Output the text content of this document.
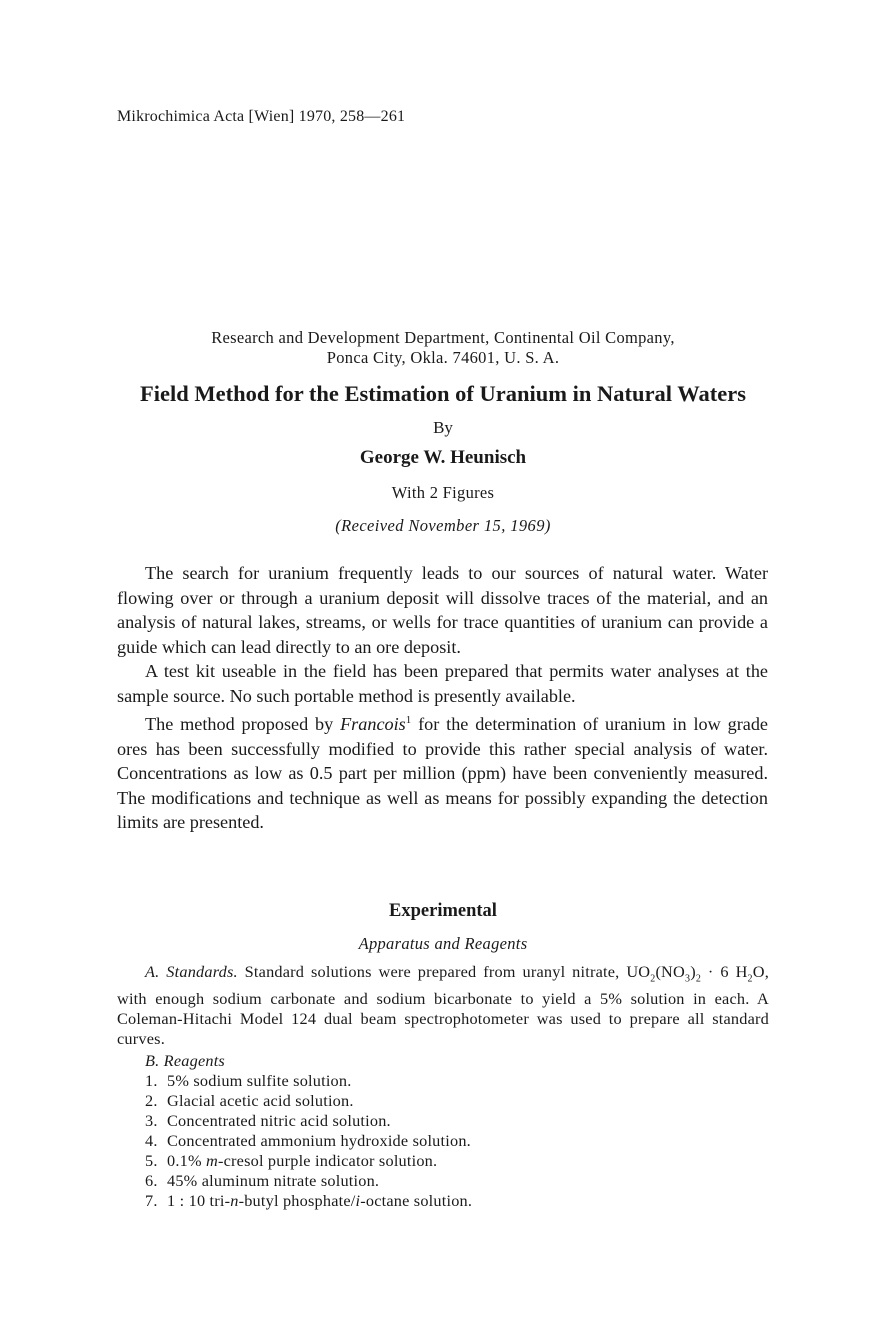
Mikrochimica Acta [Wien] 1970, 258—261
Research and Development Department, Continental Oil Company,
Ponca City, Okla. 74601, U. S. A.
Field Method for the Estimation of Uranium in Natural Waters
By
George W. Heunisch
With 2 Figures
(Received November 15, 1969)

The search for uranium frequently leads to our sources of natural water. Water flowing over or through a uranium deposit will dissolve traces of the material, and an analysis of natural lakes, streams, or wells for trace quantities of uranium can provide a guide which can lead directly to an ore deposit.

A test kit useable in the field has been prepared that permits water analyses at the sample source. No such portable method is presently available.

The method proposed by Francois$^1$ for the determination of uranium in low grade ores has been successfully modified to provide this rather special analysis of water. Concentrations as low as 0.5 part per million (ppm) have been conveniently measured. The modifications and technique as well as means for possibly expanding the detection limits are presented.

Experimental
Apparatus and Reagents

A. Standards. Standard solutions were prepared from uranyl nitrate, $UO_2(NO_3)_2 \cdot 6$ $H_2O$, with enough sodium carbonate and sodium bicarbonate to yield a 5% solution in each. A Coleman-Hitachi Model 124 dual beam spectrophotometer was used to prepare all standard curves.

B. Reagents
1. 5% sodium sulfite solution.
2. Glacial acetic acid solution.
3. Concentrated nitric acid solution.
4. Concentrated ammonium hydroxide solution.
5. 0.1% m-cresol purple indicator solution.
6. 45% aluminum nitrate solution.
7. 1 : 10 tri-n-butyl phosphate/i-octane solution.
